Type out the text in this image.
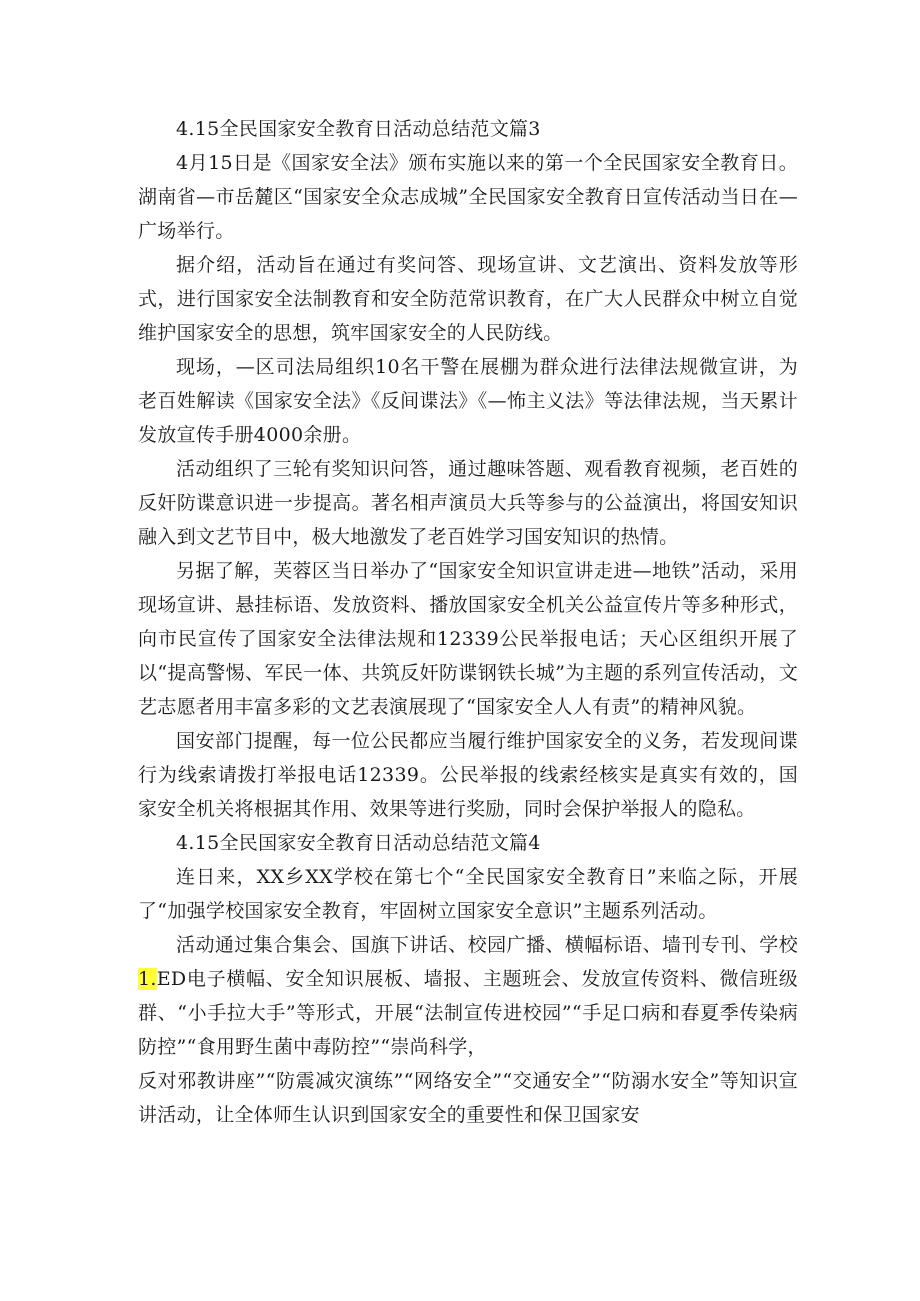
4.15全民国家安全教育日活动总结范文篇3

4月15日是《国家安全法》颁布实施以来的第一个全民国家安全教育日。湖南省—市岳麓区“国家安全众志成城”全民国家安全教育日宣传活动当日在—广场举行。

据介绍，活动旨在通过有奖问答、现场宣讲、文艺演出、资料发放等形式，进行国家安全法制教育和安全防范常识教育，在广大人民群众中树立自觉维护国家安全的思想，筑牢国家安全的人民防线。

现场，—区司法局组织10名干警在展棚为群众进行法律法规微宣讲，为老百姓解读《国家安全法》《反间谍法》《—怖主义法》等法律法规，当天累计发放宣传手册4000余册。

活动组织了三轮有奖知识问答，通过趣味答题、观看教育视频，老百姓的反奸防谍意识进一步提高。著名相声演员大兵等参与的公益演出，将国安知识融入到文艺节目中，极大地激发了老百姓学习国安知识的热情。

另据了解，芙蓉区当日举办了“国家安全知识宣讲走进—地铁”活动，采用现场宣讲、悬挂标语、发放资料、播放国家安全机关公益宣传片等多种形式，向市民宣传了国家安全法律法规和12339公民举报电话；天心区组织开展了以“提高警惕、军民一体、共筑反奸防谍钢铁长城”为主题的系列宣传活动，文艺志愿者用丰富多彩的文艺表演展现了“国家安全人人有责”的精神风貌。

国安部门提醒，每一位公民都应当履行维护国家安全的义务，若发现间谍行为线索请拨打举报电话12339。公民举报的线索经核实是真实有效的，国家安全机关将根据其作用、效果等进行奖励，同时会保护举报人的隐私。

4.15全民国家安全教育日活动总结范文篇4

连日来，XX乡XX学校在第七个“全民国家安全教育日”来临之际，开展了“加强学校国家安全教育，牢固树立国家安全意识”主题系列活动。

活动通过集合集会、国旗下讲话、校园广播、横幅标语、墙刊专刊、学校1.ED电子横幅、安全知识展板、墙报、主题班会、发放宣传资料、微信班级群、“小手拉大手”等形式，开展“法制宣传进校园”“手足口病和春夏季传染病防控”“食用野生菌中毒防控”“崇尚科学，

反对邪教讲座”“防震减灾演练”“网络安全”“交通安全”“防溺水安全”等知识宣讲活动，让全体师生认识到国家安全的重要性和保卫国家安
